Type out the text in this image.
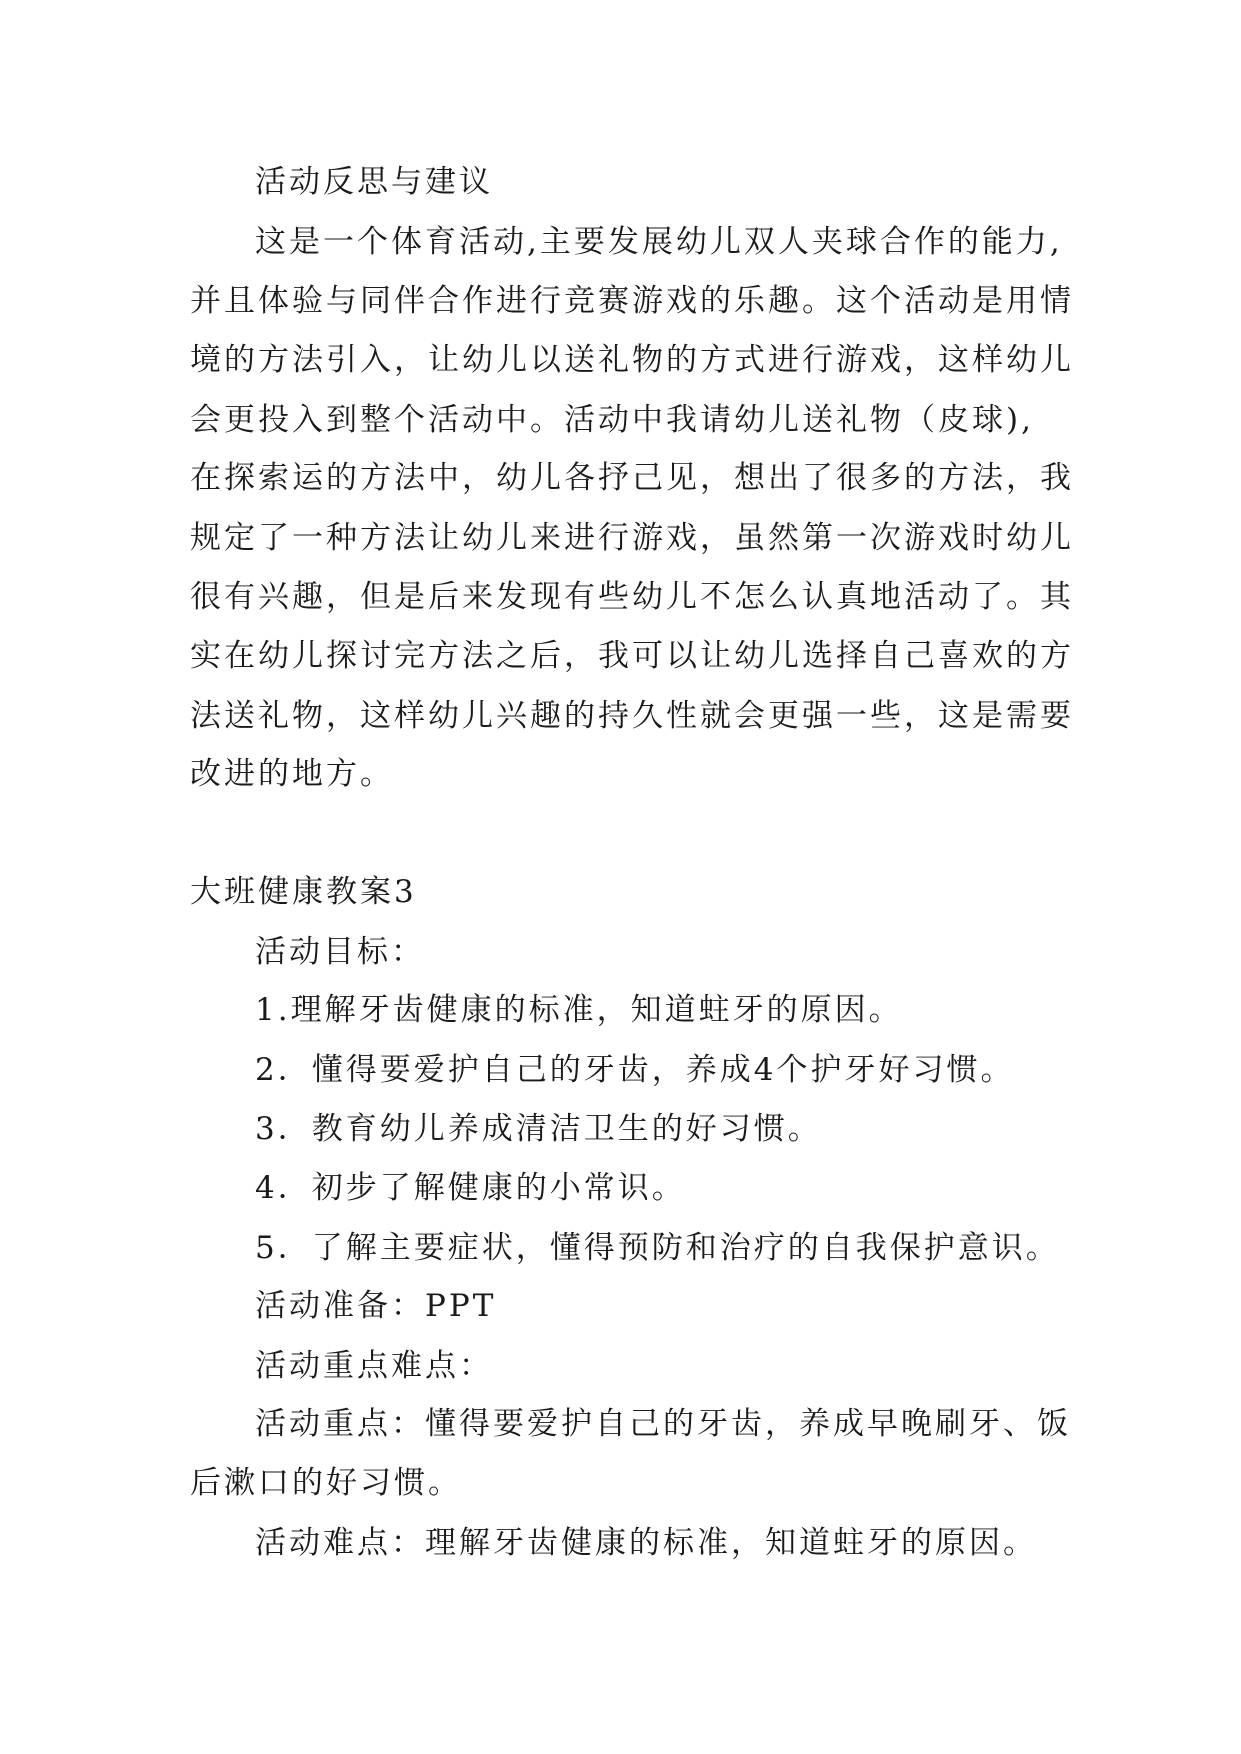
活动反思与建议
这是一个体育活动,主要发展幼儿双人夹球合作的能力,
并且体验与同伴合作进行竞赛游戏的乐趣。这个活动是用情
境的方法引入，让幼儿以送礼物的方式进行游戏，这样幼儿
会更投入到整个活动中。活动中我请幼儿送礼物（皮球),
在探索运的方法中，幼儿各抒己见，想出了很多的方法，我
规定了一种方法让幼儿来进行游戏，虽然第一次游戏时幼儿
很有兴趣，但是后来发现有些幼儿不怎么认真地活动了。其
实在幼儿探讨完方法之后，我可以让幼儿选择自己喜欢的方
法送礼物，这样幼儿兴趣的持久性就会更强一些，这是需要
改进的地方。
大班健康教案3
活动目标：
1.理解牙齿健康的标准，知道蛀牙的原因。
2．懂得要爱护自己的牙齿，养成4个护牙好习惯。
3．教育幼儿养成清洁卫生的好习惯。
4．初步了解健康的小常识。
5．了解主要症状，懂得预防和治疗的自我保护意识。
活动准备：PPT
活动重点难点：
活动重点：懂得要爱护自己的牙齿，养成早晚刷牙、饭
后漱口的好习惯。
活动难点：理解牙齿健康的标准，知道蛀牙的原因。
